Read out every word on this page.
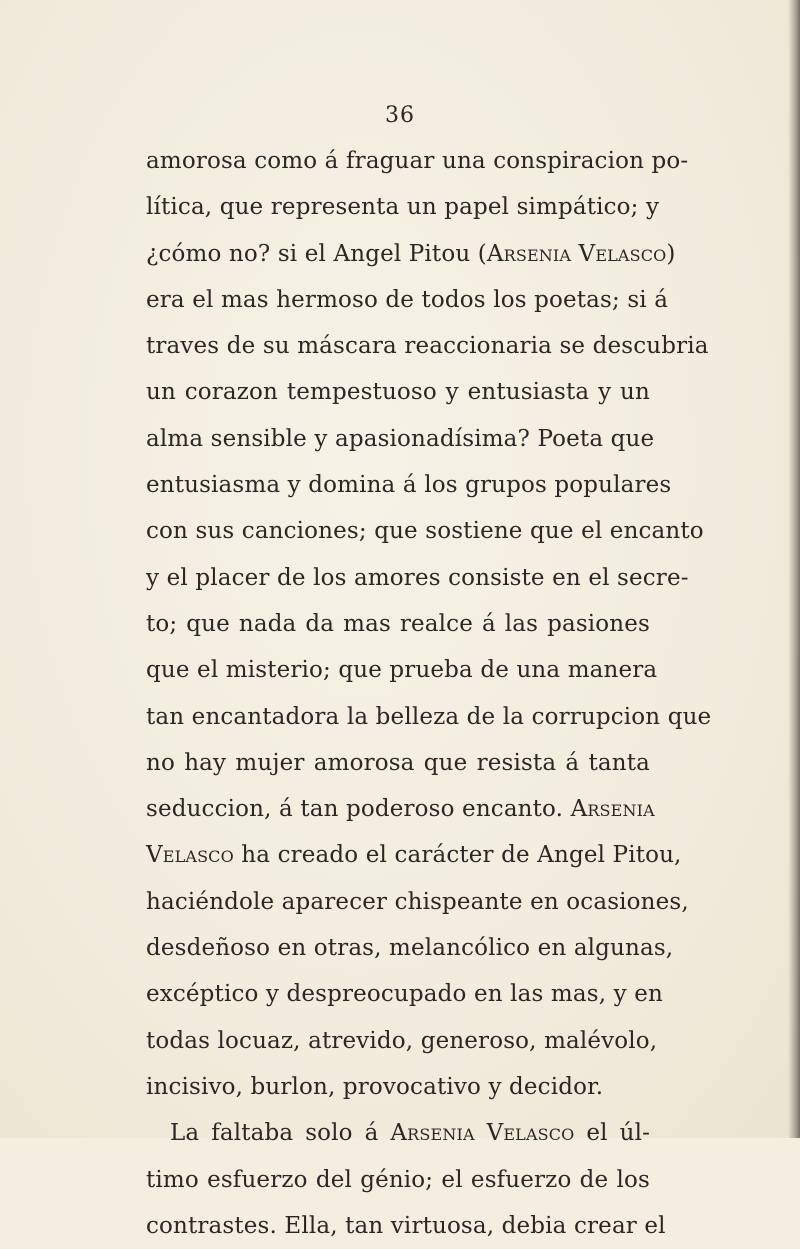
36
amorosa como á fraguar una conspiracion po-
lítica, que representa un papel simpático; y
¿cómo no? si el Angel Pitou (Arsenia Velasco)
era el mas hermoso de todos los poetas; si á
traves de su máscara reaccionaria se descubria
un corazon tempestuoso y entusiasta y un
alma sensible y apasionadísima? Poeta que
entusiasma y domina á los grupos populares
con sus canciones; que sostiene que el encanto
y el placer de los amores consiste en el secre-
to; que nada da mas realce á las pasiones
que el misterio; que prueba de una manera
tan encantadora la belleza de la corrupcion que
no hay mujer amorosa que resista á tanta
seduccion, á tan poderoso encanto. Arsenia
Velasco ha creado el carácter de Angel Pitou,
haciéndole aparecer chispeante en ocasiones,
desdeñoso en otras, melancólico en algunas,
excéptico y despreocupado en las mas, y en
todas locuaz, atrevido, generoso, malévolo,
incisivo, burlon, provocativo y decidor.
La faltaba solo á Arsenia Velasco el úl-
timo esfuerzo del génio; el esfuerzo de los
contrastes. Ella, tan virtuosa, debia crear el
